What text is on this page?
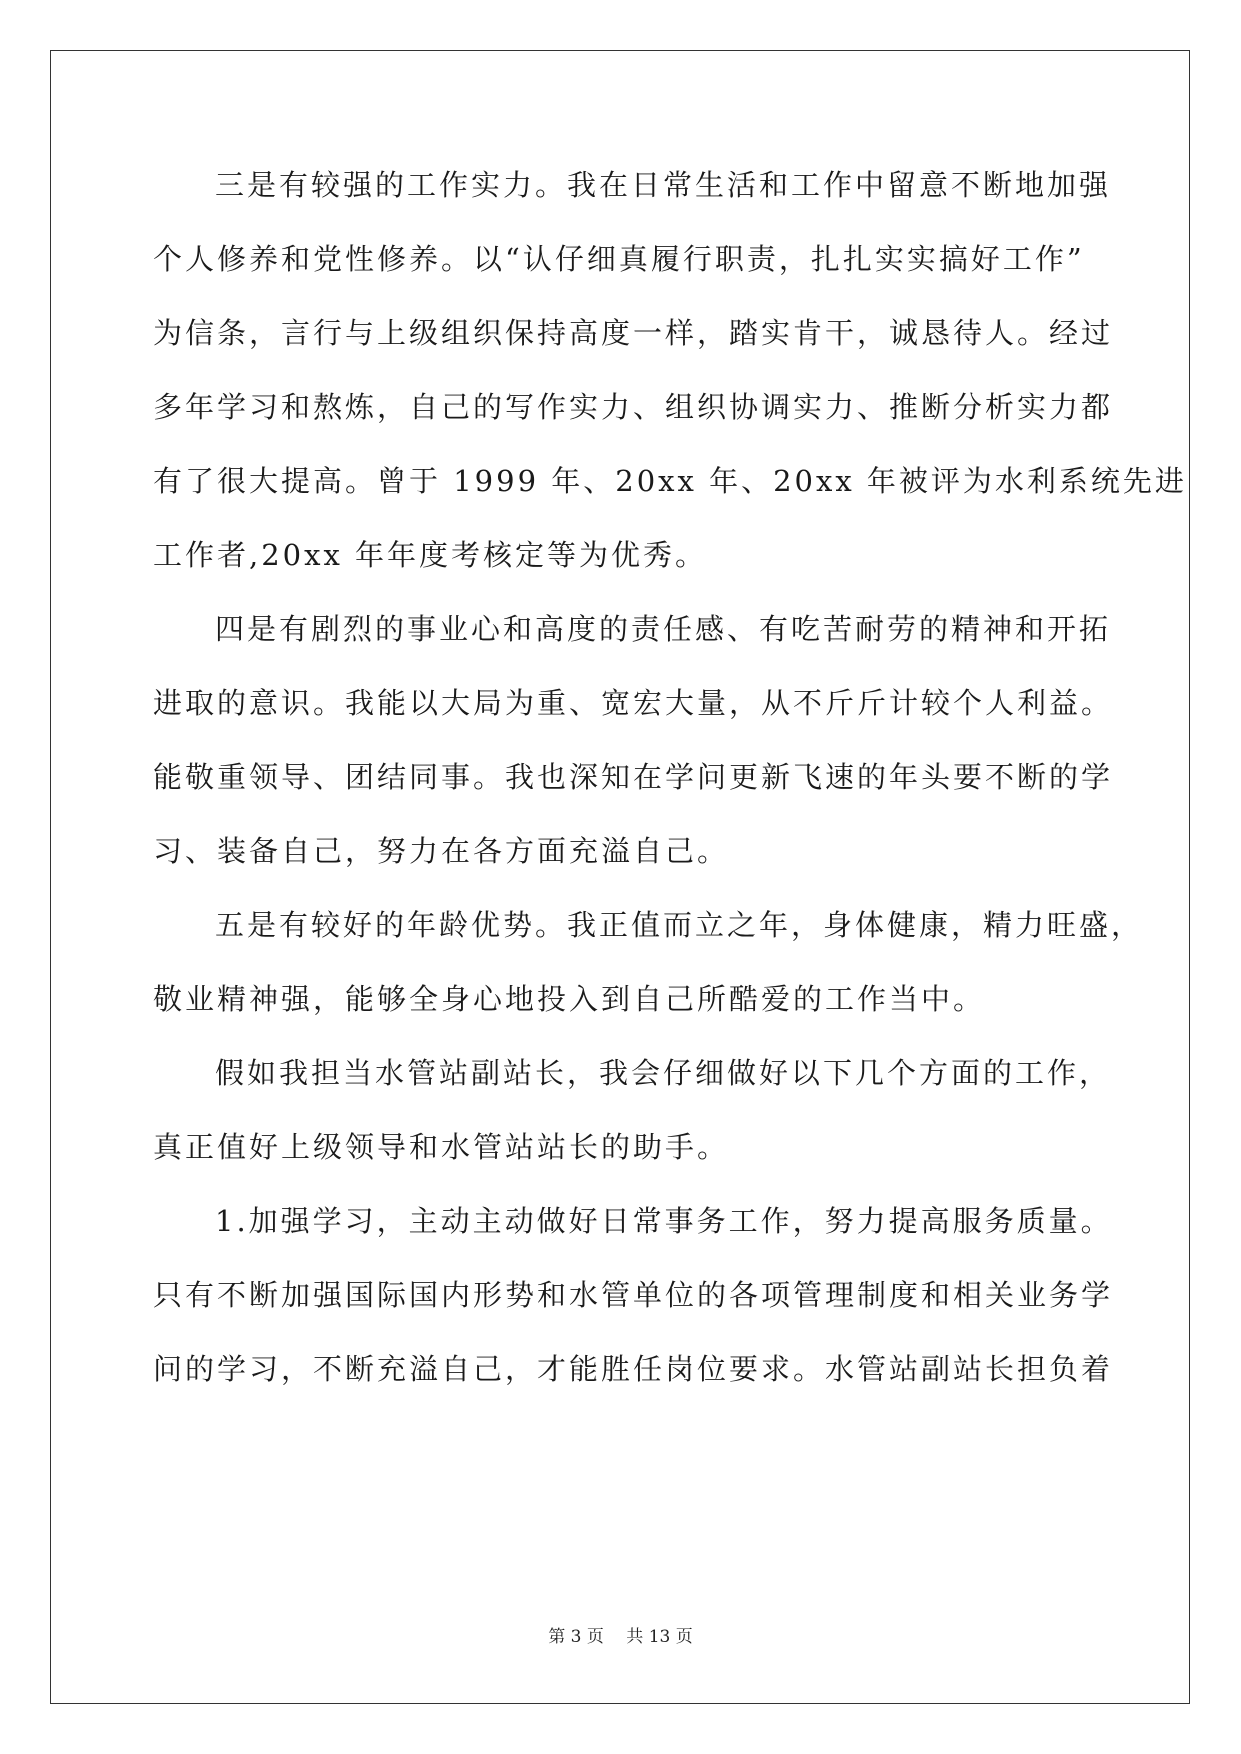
三是有较强的工作实力。我在日常生活和工作中留意不断地加强
个人修养和党性修养。以“认仔细真履行职责，扎扎实实搞好工作”
为信条，言行与上级组织保持高度一样，踏实肯干，诚恳待人。经过
多年学习和熬炼，自己的写作实力、组织协调实力、推断分析实力都
有了很大提高。曾于 1999 年、20xx 年、20xx 年被评为水利系统先进
工作者,20xx 年年度考核定等为优秀。
四是有剧烈的事业心和高度的责任感、有吃苦耐劳的精神和开拓
进取的意识。我能以大局为重、宽宏大量，从不斤斤计较个人利益。
能敬重领导、团结同事。我也深知在学问更新飞速的年头要不断的学
习、装备自己，努力在各方面充溢自己。
五是有较好的年龄优势。我正值而立之年，身体健康，精力旺盛，
敬业精神强，能够全身心地投入到自己所酷爱的工作当中。
假如我担当水管站副站长，我会仔细做好以下几个方面的工作，
真正值好上级领导和水管站站长的助手。
1.加强学习，主动主动做好日常事务工作，努力提高服务质量。
只有不断加强国际国内形势和水管单位的各项管理制度和相关业务学
问的学习，不断充溢自己，才能胜任岗位要求。水管站副站长担负着
第 3 页　 共 13 页
